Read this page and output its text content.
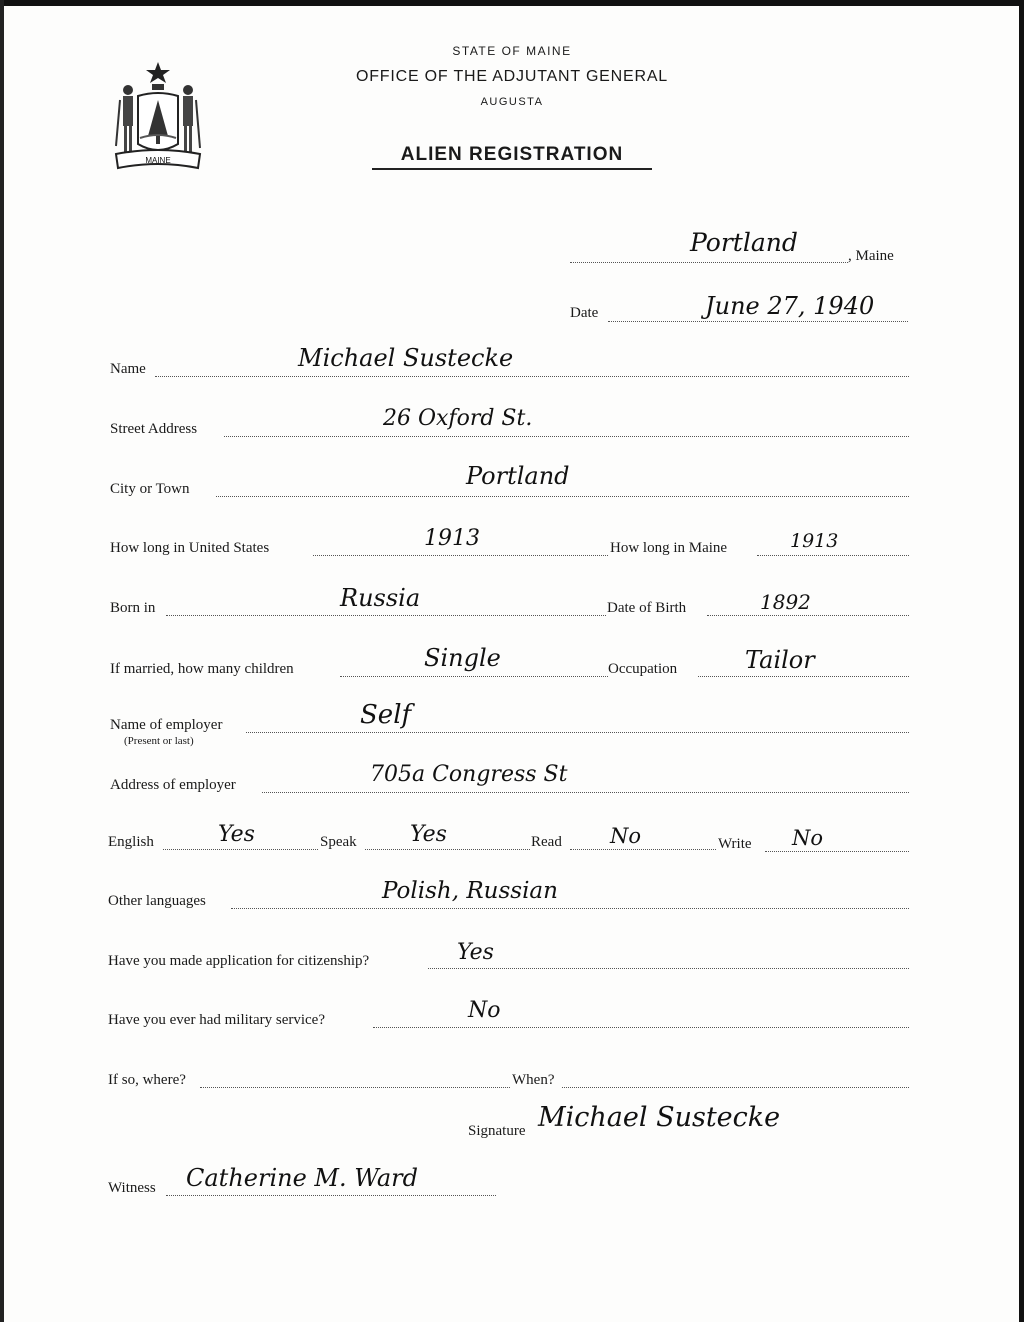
MAINE
STATE OF MAINE
OFFICE OF THE ADJUTANT GENERAL
AUGUSTA
ALIEN REGISTRATION
Portland	, Maine
Date	June 27, 1940
Name	Michael Sustecke
Street Address	26 Oxford St.
City or Town	Portland
How long in United States	1913	How long in Maine	1913
Born in	Russia	Date of Birth	1892
If married, how many children	Single	Occupation	Tailor
Name of employer
(Present or last)
Self
Address of employer	705a Congress St
English	Yes	Speak Yes	Read No	Write No
Other languages	Polish, Russian
Have you made application for citizenship?	Yes
Have you ever had military service?	No
If so, where?	When?
Signature Michael Sustecke
Witness Catherine M. Ward
